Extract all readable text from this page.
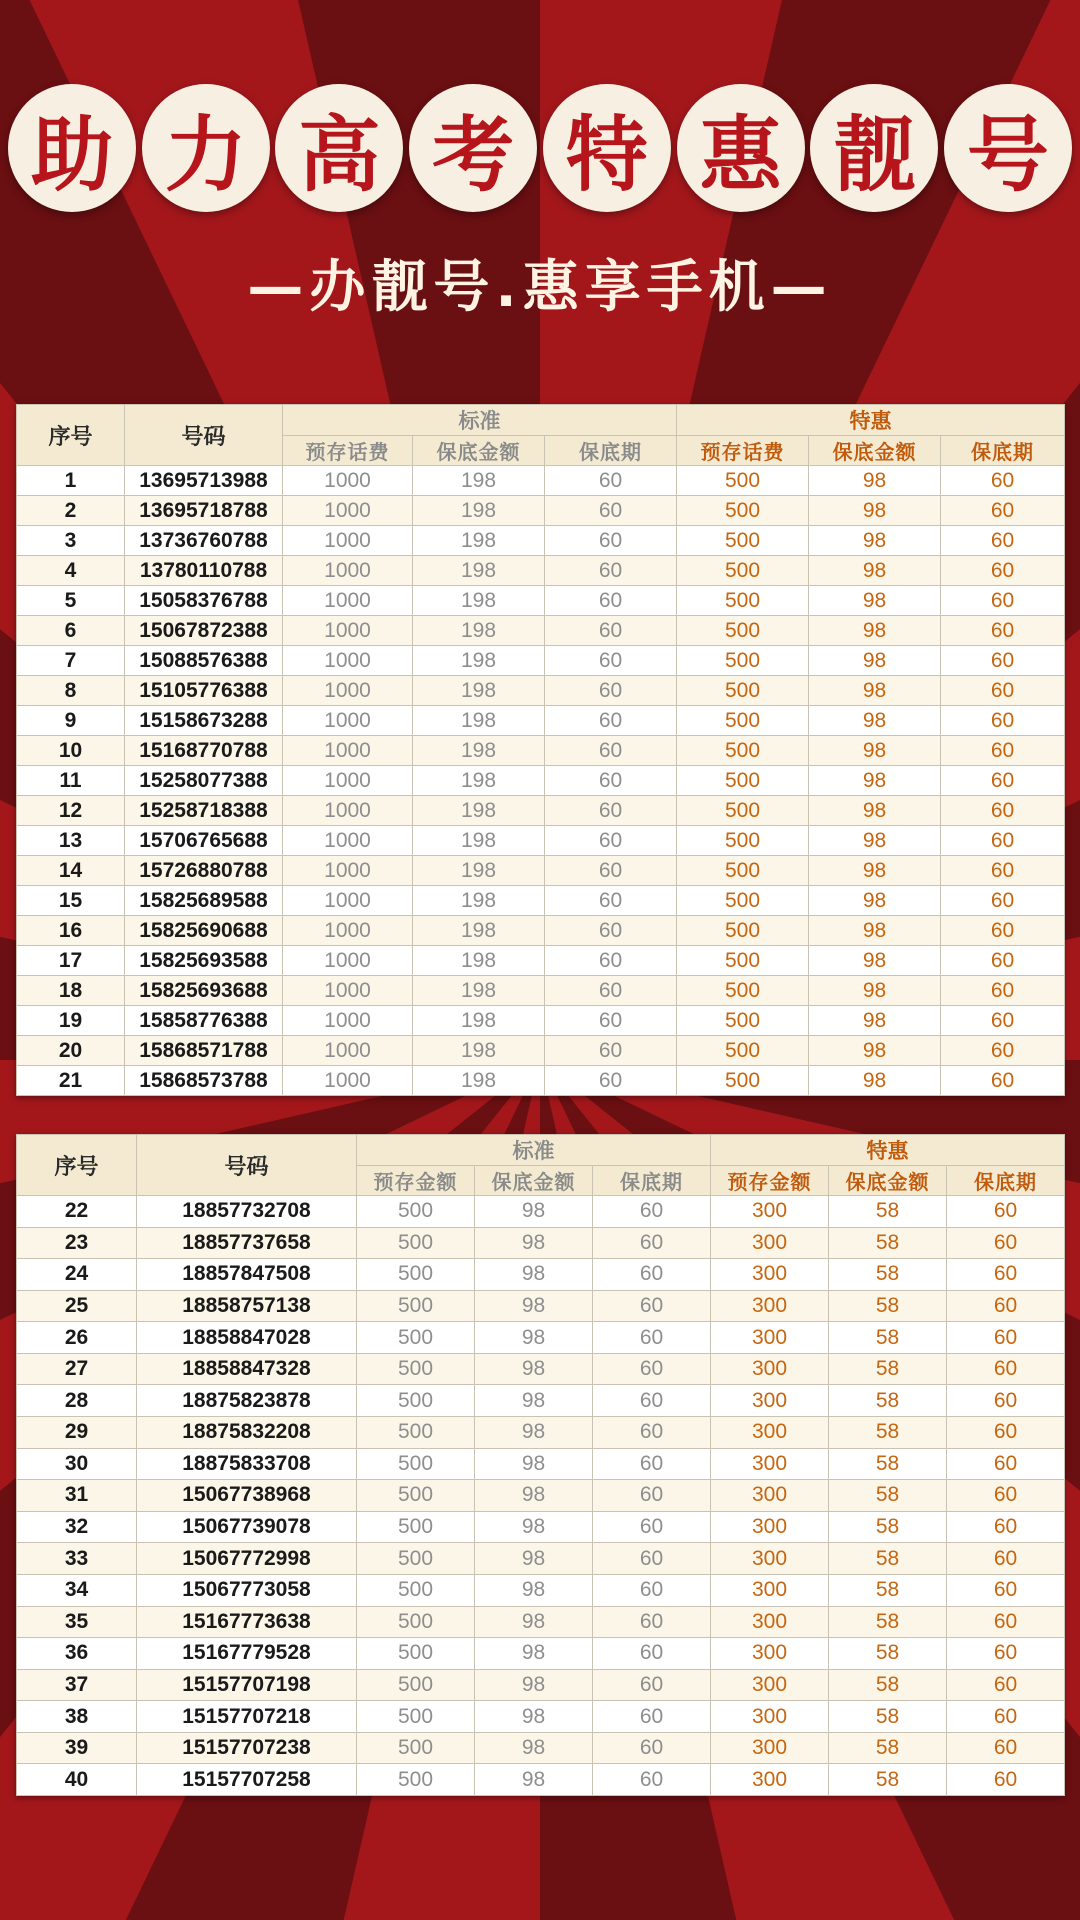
助 力 高 考 特 惠 靓 号
—办靓号.惠享手机—
序号	号码	标准			特惠		
		预存话费	保底金额	保底期	预存话费	保底金额	保底期
1	13695713988	1000	198	60	500	98	60
2	13695718788	1000	198	60	500	98	60
3	13736760788	1000	198	60	500	98	60
4	13780110788	1000	198	60	500	98	60
5	15058376788	1000	198	60	500	98	60
6	15067872388	1000	198	60	500	98	60
7	15088576388	1000	198	60	500	98	60
8	15105776388	1000	198	60	500	98	60
9	15158673288	1000	198	60	500	98	60
10	15168770788	1000	198	60	500	98	60
11	15258077388	1000	198	60	500	98	60
12	15258718388	1000	198	60	500	98	60
13	15706765688	1000	198	60	500	98	60
14	15726880788	1000	198	60	500	98	60
15	15825689588	1000	198	60	500	98	60
16	15825690688	1000	198	60	500	98	60
17	15825693588	1000	198	60	500	98	60
18	15825693688	1000	198	60	500	98	60
19	15858776388	1000	198	60	500	98	60
20	15868571788	1000	198	60	500	98	60
21	15868573788	1000	198	60	500	98	60
序号	号码	标准			特惠		
		预存金额	保底金额	保底期	预存金额	保底金额	保底期
22	18857732708	500	98	60	300	58	60
23	18857737658	500	98	60	300	58	60
24	18857847508	500	98	60	300	58	60
25	18858757138	500	98	60	300	58	60
26	18858847028	500	98	60	300	58	60
27	18858847328	500	98	60	300	58	60
28	18875823878	500	98	60	300	58	60
29	18875832208	500	98	60	300	58	60
30	18875833708	500	98	60	300	58	60
31	15067738968	500	98	60	300	58	60
32	15067739078	500	98	60	300	58	60
33	15067772998	500	98	60	300	58	60
34	15067773058	500	98	60	300	58	60
35	15167773638	500	98	60	300	58	60
36	15167779528	500	98	60	300	58	60
37	15157707198	500	98	60	300	58	60
38	15157707218	500	98	60	300	58	60
39	15157707238	500	98	60	300	58	60
40	15157707258	500	98	60	300	58	60
